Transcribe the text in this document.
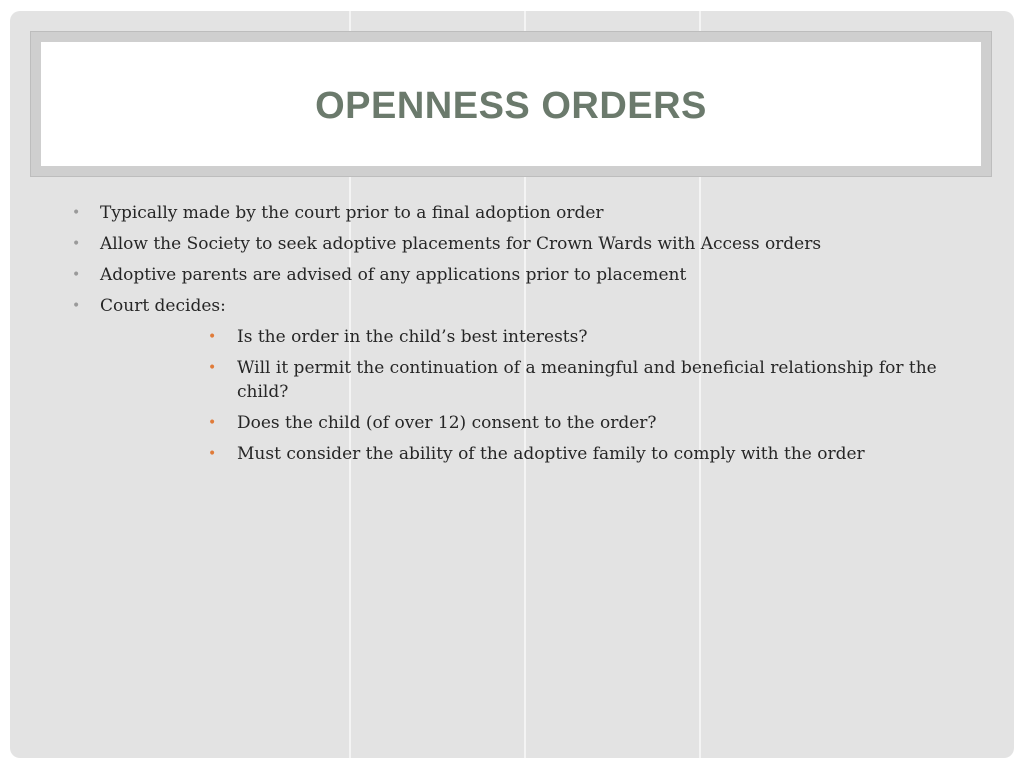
OPENNESS ORDERS
• Typically made by the court prior to a final adoption order
• Allow the Society to seek adoptive placements for Crown Wards with Access orders
• Adoptive parents are advised of any applications prior to placement
• Court decides:
• Is the order in the child’s best interests?
• Will it permit the continuation of a meaningful and beneficial relationship for the child?
• Does the child (of over 12) consent to the order?
• Must consider the ability of the adoptive family to comply with the order
